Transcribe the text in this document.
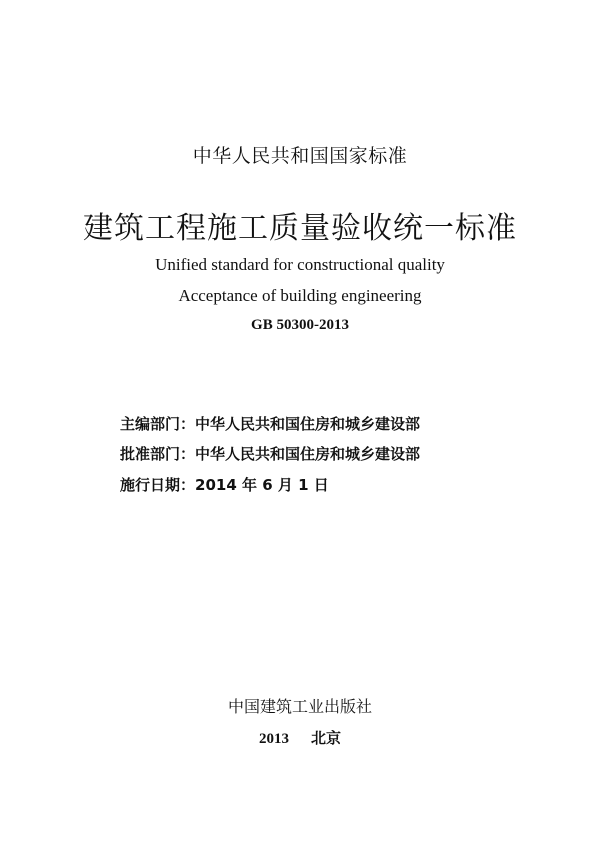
中华人民共和国国家标准
建筑工程施工质量验收统一标准
Unified standard for constructional quality
Acceptance of building engineering
GB 50300-2013
主编部门：中华人民共和国住房和城乡建设部
批准部门：中华人民共和国住房和城乡建设部
施行日期：2014 年 6 月 1 日
中国建筑工业出版社
2013 北京
